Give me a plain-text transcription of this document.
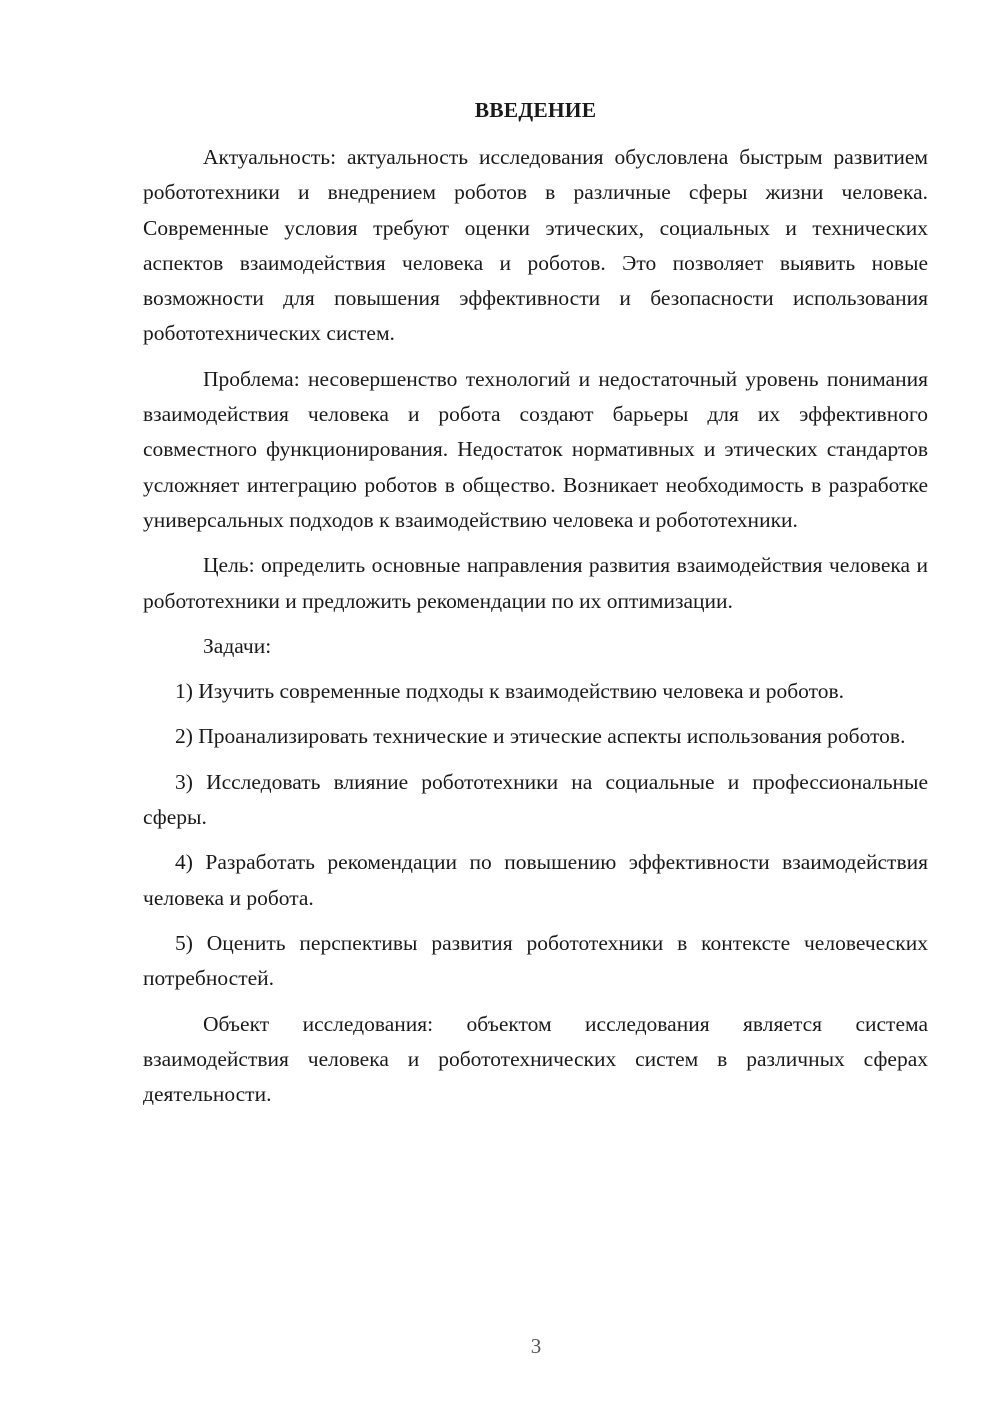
ВВЕДЕНИЕ

Актуальность: актуальность исследования обусловлена быстрым развитием робототехники и внедрением роботов в различные сферы жизни человека. Современные условия требуют оценки этических, социальных и технических аспектов взаимодействия человека и роботов. Это позволяет выявить новые возможности для повышения эффективности и безопасности использования робототехнических систем.

Проблема: несовершенство технологий и недостаточный уровень понимания взаимодействия человека и робота создают барьеры для их эффективного совместного функционирования. Недостаток нормативных и этических стандартов усложняет интеграцию роботов в общество. Возникает необходимость в разработке универсальных подходов к взаимодействию человека и робототехники.

Цель: определить основные направления развития взаимодействия человека и робототехники и предложить рекомендации по их оптимизации.

Задачи:

1) Изучить современные подходы к взаимодействию человека и роботов.

2) Проанализировать технические и этические аспекты использования роботов.

3) Исследовать влияние робототехники на социальные и профессиональные сферы.

4) Разработать рекомендации по повышению эффективности взаимодействия человека и робота.

5) Оценить перспективы развития робототехники в контексте человеческих потребностей.

Объект исследования: объектом исследования является система взаимодействия человека и робототехнических систем в различных сферах деятельности.

3
